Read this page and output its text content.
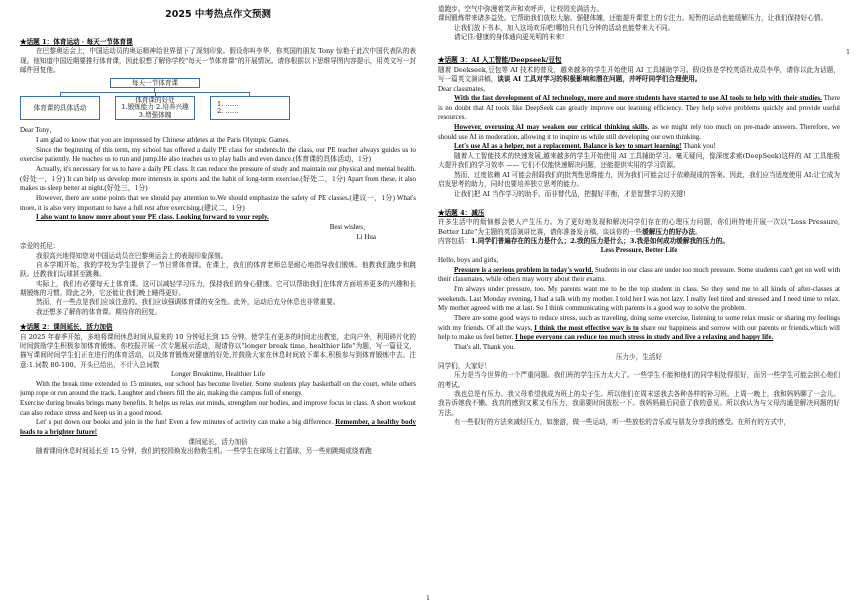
2025 中考热点作文预测
1
1
★话题 1：体育运动 · 每天一节体育课
在巴黎奥运会上，中国运动员的奥运精神给世界留下了深刻印象。假设你叫李华，你英国的朋友 Tony 惊艳于此次中国代表队的表现。他知道中国近期要推行体育课，因此很想了解你学校“每天一节体育课”的开展情况。请你根据以下思维导图内容提示，用英文写一封邮件回复他。
每天一节体育课
体育课的具体活动
体育课的好处
1.锻炼能力 2.培养兴趣
3.增强体魄
1. ……
2. ……
Dear Tony，
I am glad to know that you are impressed by Chinese athletes at the Paris Olympic Games.
Since the beginning of this term, my school has offered a daily PE class for students.In the class, our PE teacher always guides us to exercise patiently. He teaches us to run and jump.He also teaches us to play balls and even dance.(体育课的具体活动，1分)
Actually, it's necessary for us to have a daily PE class. It can reduce the pressure of study and maintain our physical and mental health.(好处一，1分) It can help us develop more interests in sports and the habit of long-term exercise.(好处二，1分) Apart from these, it also makes us sleep better at night.(好处三，1分)
However, there are some points that we should pay attention to.We should emphasize the safety of PE classes.(建议一，1分) What's more, it is also very important to have a full rest after exercising.(建议二，1分)
I also want to know more about your PE class. Looking forward to your reply.
Best wishes，
Li Hua
亲爱的托尼：
我很高兴地得知您对中国运动员在巴黎奥运会上的表现印象深刻。
自本学期开始，我的学校为学生提供了一节日常体育课。在课上，我们的体育老师总是耐心地指导我们锻炼。他教我们跑步和跳跃。还教我们玩球甚至跳舞。
实际上，我们有必要每天上体育课。这可以减轻学习压力，保持我们的身心健康。它可以帮助我们在体育方面培养更多的兴趣和长期锻炼的习惯。除此之外，它还能让我们晚上睡得更好。
然而，有一些点是我们应该注意的。我们应该强调体育课的安全性。此外，运动后充分休息也非常重要。
我还想多了解你的体育课。期待你的回复。
★话题 2：课间延长，活力加倍
自 2025 年春季开始，多地将课间休息时间从原来的 10 分钟延长到 15 分钟。使学生有更多的时间走出教室，走向户外，利用碎片化的时间鼓励学生积极参加体育锻炼。你校报开展一次专题展示活动，现请你以“longer break time, healthier life”为题，写一篇征文，描写课间时间学生们正在进行的体育活动，以及体育锻炼对健康的好处,并鼓励大家在休息时间放下课本,积极参与到体育锻炼中去。注意:1.词数 80-100。开头已给出，不计入总词数
Longer Breaktime, Healthier Life
With the break time extended to 15 minutes, our school has become livelier. Some students play basketball on the court, while others jump rope or run around the track. Laughter and cheers fill the air, making the campus full of energy.
Exercise during breaks brings many benefits. It helps us relax our minds, strengthen our bodies, and improve focus in class. A short workout can also reduce stress and keep us in a good mood.
Let' s put down our books and join in the fun! Even a few minutes of activity can make a big difference. Remember, a healthy body leads to a brighter future!
课间延长，活力加倍
随着课间休息时间延长至 15 分钟，我们的校园焕发出勃勃生机。一些学生在球场上打篮球，另一些则跳绳或绕着跑
道跑步。空气中弥漫着笑声和欢呼声，让校园充满活力。
课间锻炼带来诸多益处。它帮助我们放松大脑、强健体魄，还能提升课堂上的专注力。短暂的运动也能缓解压力，让我们保持好心情。
让我们放下书本，加入这场欢乐吧!哪怕只有几分钟的活动也能带来大不同。
请记住:健康的身体通向更光明的未来!
★话题 3：AI 人工智能/Deepseek/豆包
随着 Deekseek,豆包等 AI 技术的普及，越来越多的学生开始使用 AI 工具辅助学习。假设你是学校英语社成员李华，请你以此为话题，写一篇英文演讲稿，谈谈 AI 工具对学习的积极影响和潜在问题，并呼吁同学们合理使用。
Dear classmates,
With the fast development of AI technology, more and more students have started to use AI tools to help with their studies. There is no doubt that AI tools like DeepSeek can greatly improve our learning efficiency. They help solve problems quickly and provide useful resources.
However, overusing AI may weaken our critical thinking skills, as we might rely too much on pre-made answers. Therefore, we should use AI in moderation, allowing it to inspire us while still developing our own thinking.
Let's use AI as a helper, not a replacement. Balance is key to smart learning! Thank you!
随着人工智能技术的快速发展,越来越多的学生开始使用 AI 工具辅助学习。毫无疑问，像深度求索(DeepSeek)这样的 AI 工具能极大提升我们的学习效率 —— 它们不仅能快速解决问题，还能提供实用的学习资源。
然而，过度依赖 AI 可能会削弱我们的批判性思维能力，因为我们可能会过于依赖现成的答案。因此，我们应当适度使用 AI:让它成为启发思考的助力，同时也要培养独立思考的能力。
让我们把 AI 当作学习的助手，而非替代品，把握好平衡，才是智慧学习的关键!
★话题 4：减压
许多生活中的烦恼都会使人产生压力。为了更好地发现和解决同学们存在的心理压力问题，你们班特地开展一次以“Less Pressure, Better Life”为主题的英语演讲比赛，请你准备发言稿，谈谈你的一些缓解压力的好办法。
内容包括：1.同学们普遍存在的压力是什么；2.我的压力是什么；3.我是如何成功缓解我的压力的。
Less Pressure, Better Life
Hello, boys and girls,
Pressure is a serious problem in today's world. Students in our class are under too much pressure. Some students can't get on well with their classmates, while others may worry about their exams.
I'm always under pressure, too. My parents want me to be the top student in class. So they send me to all kinds of after-classes at weekends. Last Monday evening, I had a talk with my mother. I told her I was not lazy. I really feel tired and stressed and I need time to relax. My mother agreed with me at last. So I think communicating with parents is a good way to solve the problem.
There are some good ways to reduce stress, such as traveling, doing some exercise, listening to some relax music or sharing my feelings with my friends. Of all the ways, I think the most effective way is to share our happiness and sorrow with our parents or friends,which will help to make us feel better. I hope everyone can reduce too much stress in study and live a relaxing and happy life.
That's all. Thank you.
压力少，生活好
同学们，大家好！
压力是当今世界的一个严重问题。我们班的学生压力太大了。一些学生不能和他们的同学相处得很好，而另一些学生可能会担心他们的考试。
我也总是有压力。我父母希望我成为班上的尖子生。所以他们在周末送我去各种各样的补习班。上周一晚上，我和妈妈聊了一会儿。我告诉她我不懒。我真的感到又累又有压力，我需要时间放松一下。我妈妈最后同意了我的意见。所以我认为与父母沟通是解决问题的好方法。
有一些很好的方法来减轻压力，如旅游，做一些运动，听一些放松的音乐或与朋友分享我的感受。在所有的方式中，
